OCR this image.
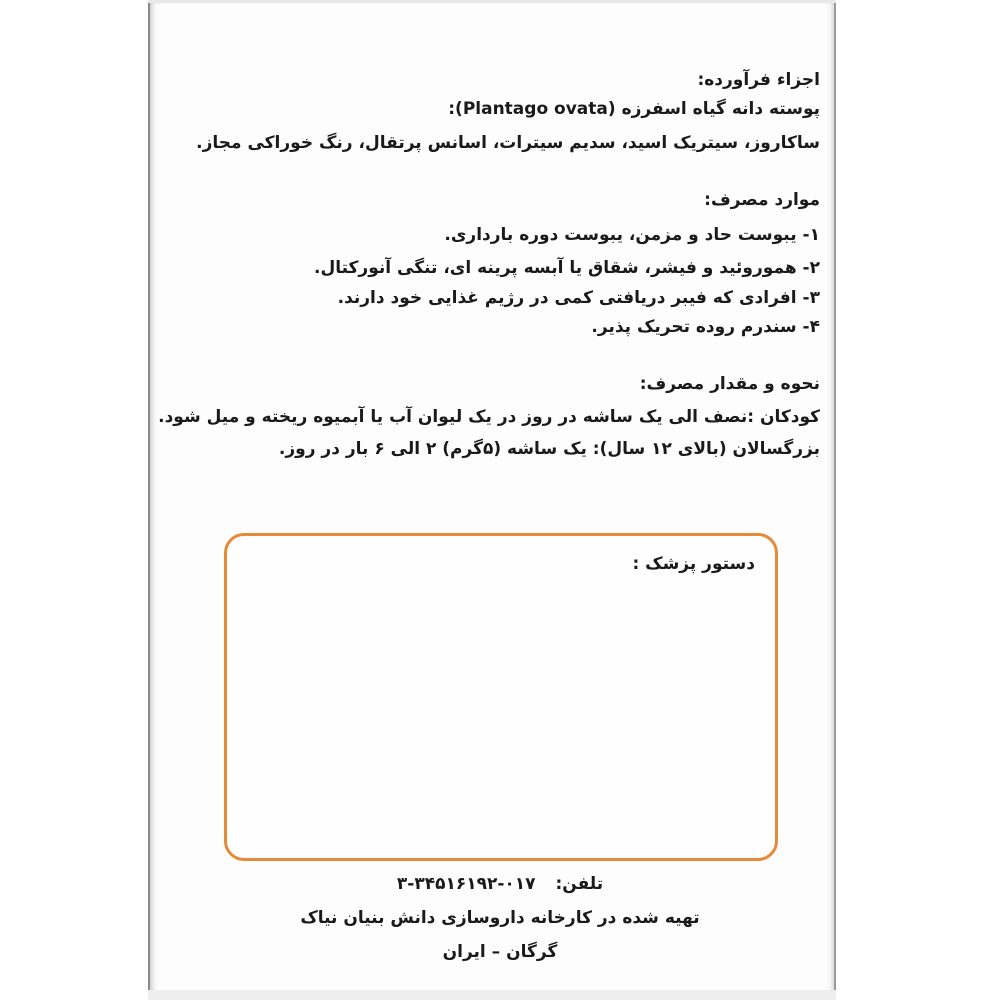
اجزاء فرآورده:
پوسته دانه گیاه اسفرزه (Plantago ovata):
ساکاروز، سیتریک اسید، سدیم سیترات، اسانس پرتقال، رنگ خوراکی مجاز.
موارد مصرف:
۱- یبوست حاد و مزمن، یبوست دوره بارداری.
۲- هموروئید و فیشر، شقاق یا آبسه پرینه ای، تنگی آنورکتال.
۳- افرادی که فیبر دریافتی کمی در رژیم غذایی خود دارند.
۴- سندرم روده تحریک پذیر.
نحوه و مقدار مصرف:
کودکان :نصف الی یک ساشه در روز در یک لیوان آب یا آبمیوه ریخته و میل شود.
بزرگسالان (بالای ۱۲ سال): یک ساشه (۵گرم) ۲ الی ۶ بار در روز.
دستور پزشک :
تلفن: ۰۱۷-۳۴۵۱۶۱۹۲-۳
تهیه شده در کارخانه داروسازی دانش بنیان نیاک
گرگان – ایران
